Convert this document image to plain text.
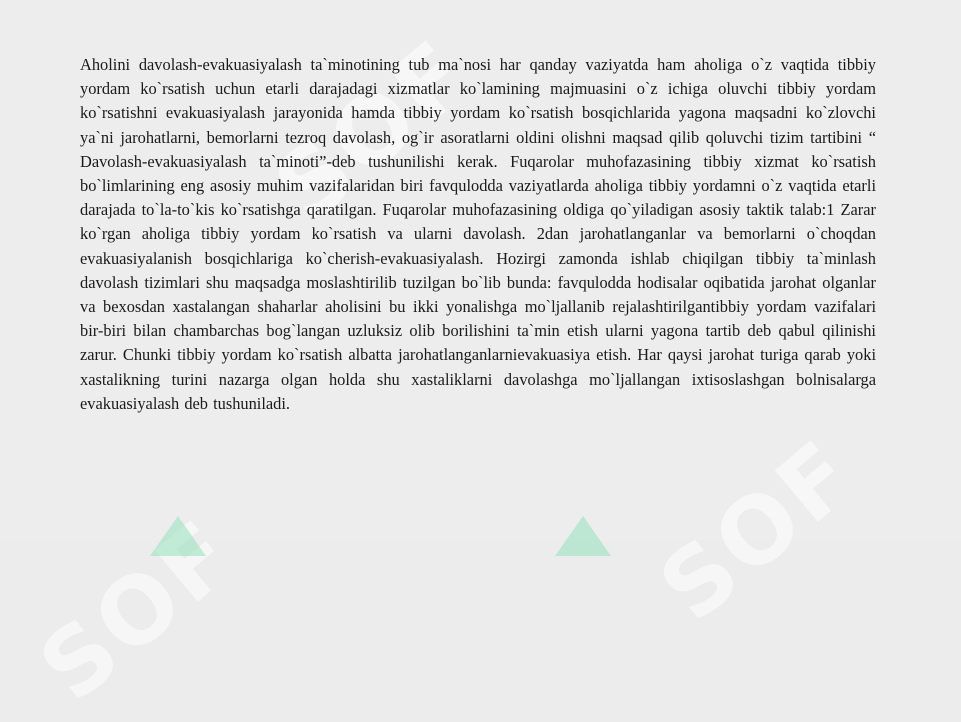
SOF
SOF
SOF

Aholini davolash-evakuasiyalash ta`minotining tub ma`nosi har qanday vaziyatda ham aholiga o`z vaqtida tibbiy yordam ko`rsatish uchun etarli darajadagi xizmatlar ko`lamining majmuasini o`z ichiga oluvchi tibbiy yordam ko`rsatishni evakuasiyalash jarayonida hamda tibbiy yordam ko`rsatish bosqichlarida yagona maqsadni ko`zlovchi ya`ni jarohatlarni, bemorlarni tezroq davolash, og`ir asoratlarni oldini olishni maqsad qilib qoluvchi tizim tartibini “ Davolash-evakuasiyalash ta`minoti”-deb tushunilishi kerak. Fuqarolar muhofazasining tibbiy xizmat ko`rsatish bo`limlarining eng asosiy muhim vazifalaridan biri favqulodda vaziyatlarda aholiga tibbiy yordamni o`z vaqtida etarli darajada to`la-to`kis ko`rsatishga qaratilgan. Fuqarolar muhofazasining oldiga qo`yiladigan asosiy taktik talab:1 Zarar ko`rgan aholiga tibbiy yordam ko`rsatish va ularni davolash. 2dan jarohatlanganlar va bemorlarni o`choqdan evakuasiyalanish bosqichlariga ko`cherish-evakuasiyalash. Hozirgi zamonda ishlab chiqilgan tibbiy ta`minlash davolash tizimlari shu maqsadga moslashtirilib tuzilgan bo`lib bunda: favqulodda hodisalar oqibatida jarohat olganlar va bexosdan xastalangan shaharlar aholisini bu ikki yonalishga mo`ljallanib rejalashtirilgantibbiy yordam vazifalari bir-biri bilan chambarchas bog`langan uzluksiz olib borilishini ta`min etish ularni yagona tartib deb qabul qilinishi zarur. Chunki tibbiy yordam ko`rsatish albatta jarohatlanganlarnievakuasiya etish. Har qaysi jarohat turiga qarab yoki xastalikning turini nazarga olgan holda shu xastaliklarni davolashga mo`ljallangan ixtisoslashgan bolnisalarga evakuasiyalash deb tushuniladi.
